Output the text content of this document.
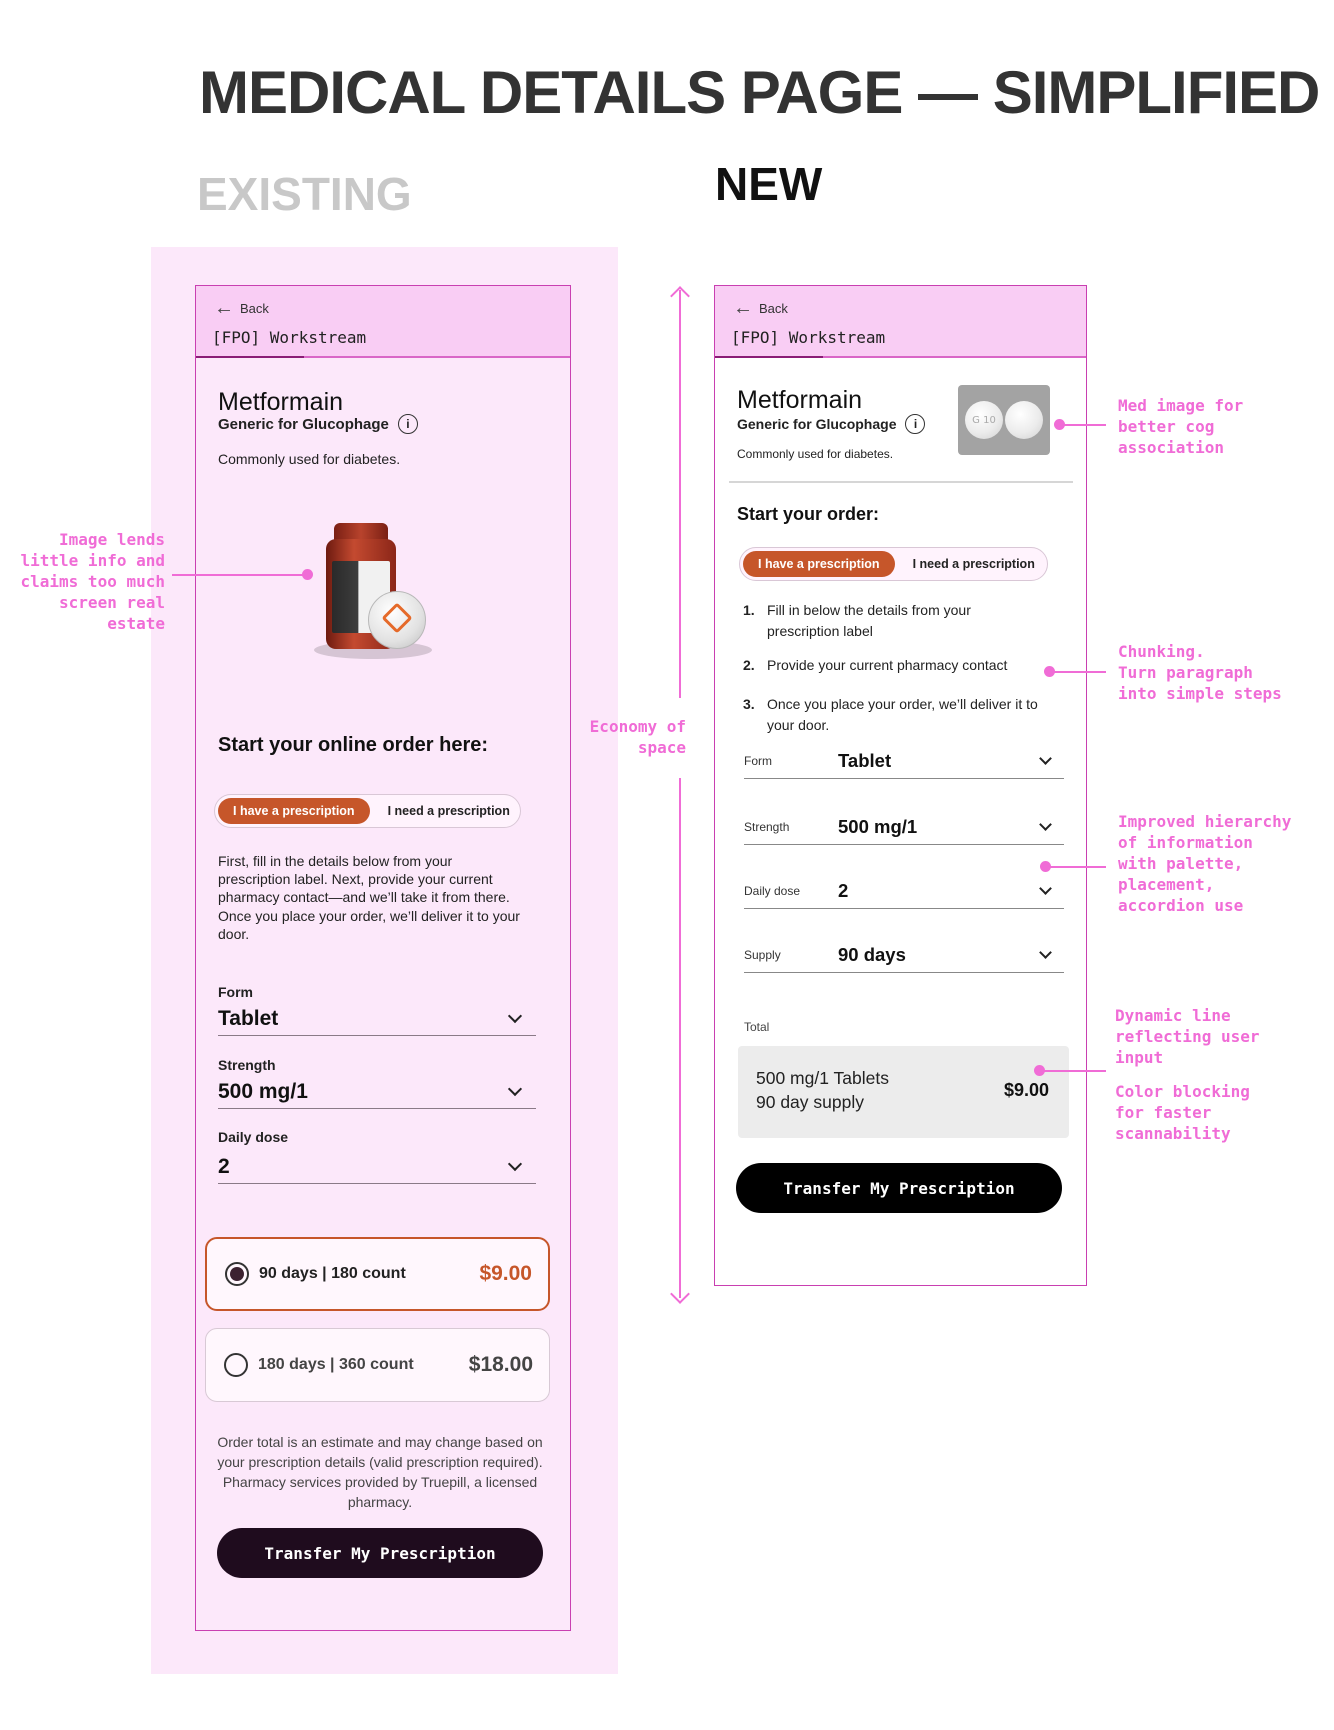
MEDICAL DETAILS PAGE — SIMPLIFIED
EXISTING	NEW
← Back
[FPO] Workstream
Metformain
Generic for Glucophage	i
Commonly used for diabetes.
Start your online order here:
I have a prescription	I need a prescription
First, fill in the details below from your prescription label. Next, provide your current pharmacy contact—and we’ll take it from there. Once you place your order, we’ll deliver it to your door.
Form
Tablet
Strength
500 mg/1
Daily dose
2
90 days | 180 count	$9.00
180 days | 360 count	$18.00
Order total is an estimate and may change based on your prescription details (valid prescription required). Pharmacy services provided by Truepill, a licensed pharmacy.
Transfer My Prescription
Image lends
little info and
claims too much
screen real
estate
Economy of
space
← Back
[FPO] Workstream
Metformain
Generic for Glucophage	i
Commonly used for diabetes.
G 10
Start your order:
I have a prescription	I need a prescription
1. Fill in below the details from your prescription label
2. Provide your current pharmacy contact
3. Once you place your order, we’ll deliver it to your door.
Form	Tablet
Strength	500 mg/1
Daily dose	2
Supply	90 days
Total
500 mg/1 Tablets
90 day supply
$9.00
Transfer My Prescription
Med image for
better cog
association
Chunking.
Turn paragraph
into simple steps
Improved hierarchy
of information
with palette,
placement,
accordion use
Dynamic line
reflecting user
input
Color blocking
for faster
scannability
